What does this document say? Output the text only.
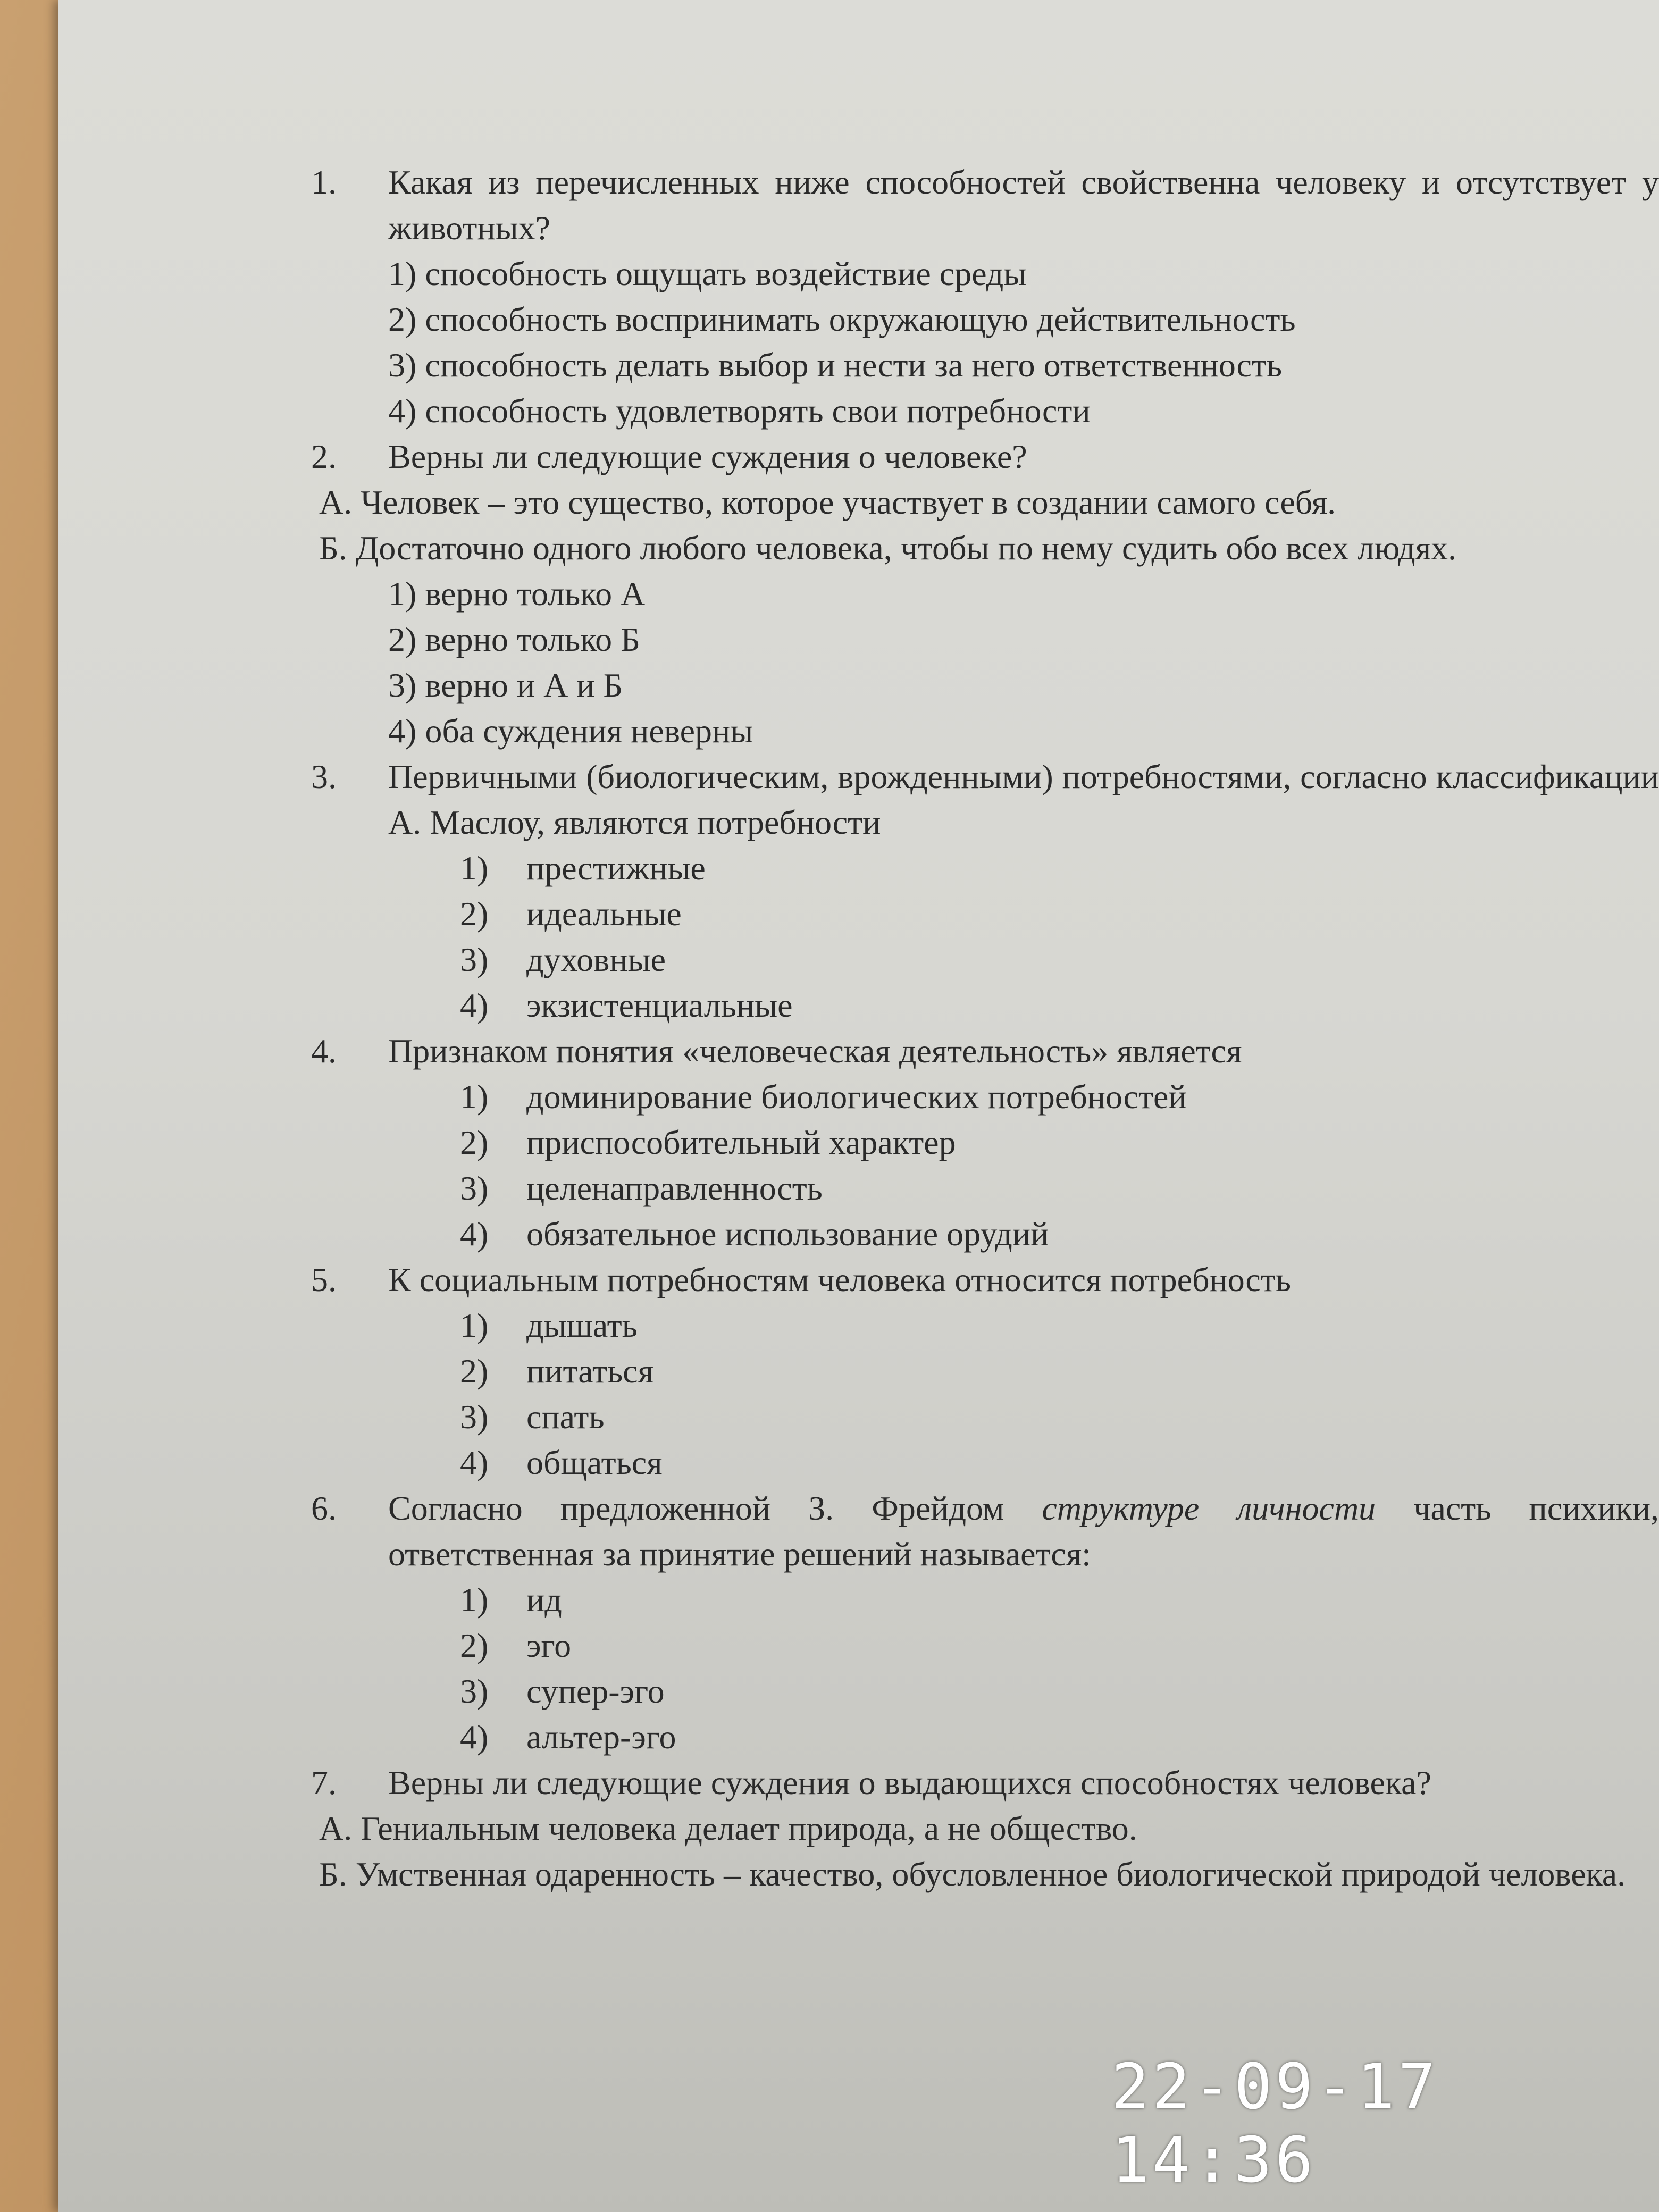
1. Какая из перечисленных ниже способностей свойственна человеку и отсутствует у животных?
1) способность ощущать воздействие среды
2) способность воспринимать окружающую действительность
3) способность делать выбор и нести за него ответственность
4) способность удовлетворять свои потребности
2. Верны ли следующие суждения о человеке?
А. Человек – это существо, которое участвует в создании самого себя.
Б. Достаточно одного любого человека, чтобы по нему судить обо всех людях.
1) верно только А
2) верно только Б
3) верно и А и Б
4) оба суждения неверны
3. Первичными (биологическим, врожденными) потребностями, согласно классификации А. Маслоу, являются потребности
1) престижные
2) идеальные
3) духовные
4) экзистенциальные
4. Признаком понятия «человеческая деятельность» является
1) доминирование биологических потребностей
2) приспособительный характер
3) целенаправленность
4) обязательное использование орудий
5. К социальным потребностям человека относится потребность
1) дышать
2) питаться
3) спать
4) общаться
6. Согласно предложенной З. Фрейдом структуре личности часть психики, ответственная за принятие решений называется:
1) ид
2) эго
3) супер-эго
4) альтер-эго
7. Верны ли следующие суждения о выдающихся способностях человека?
А. Гениальным человека делает природа, а не общество.
Б. Умственная одаренность – качество, обусловленное биологической природой человека.
22-09-17 14:36
